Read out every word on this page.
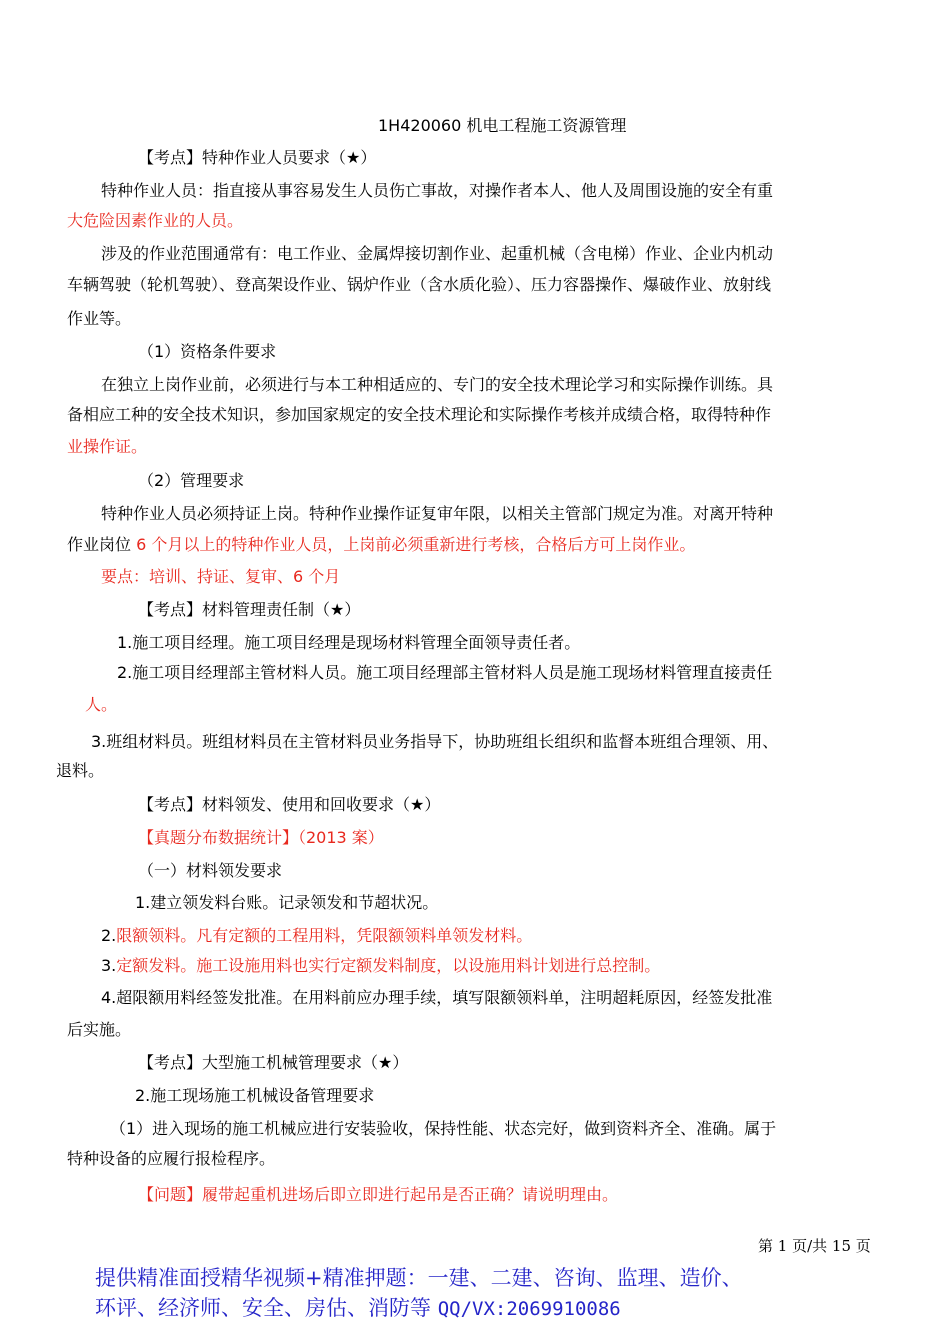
1H420060 机电工程施工资源管理
【考点】特种作业人员要求（★）
特种作业人员：指直接从事容易发生人员伤亡事故，对操作者本人、他人及周围设施的安全有重
大危险因素作业的人员。
涉及的作业范围通常有：电工作业、金属焊接切割作业、起重机械（含电梯）作业、企业内机动
车辆驾驶（轮机驾驶）、登高架设作业、锅炉作业（含水质化验）、压力容器操作、爆破作业、放射线
作业等。
（1）资格条件要求
在独立上岗作业前，必须进行与本工种相适应的、专门的安全技术理论学习和实际操作训练。具
备相应工种的安全技术知识，参加国家规定的安全技术理论和实际操作考核并成绩合格，取得特种作
业操作证。
（2）管理要求
特种作业人员必须持证上岗。特种作业操作证复审年限，以相关主管部门规定为准。对离开特种
作业岗位 6 个月以上的特种作业人员，上岗前必须重新进行考核，合格后方可上岗作业。
要点：培训、持证、复审、6 个月
【考点】材料管理责任制（★）
1.施工项目经理。施工项目经理是现场材料管理全面领导责任者。
2.施工项目经理部主管材料人员。施工项目经理部主管材料人员是施工现场材料管理直接责任
人。
3.班组材料员。班组材料员在主管材料员业务指导下，协助班组长组织和监督本班组合理领、用、
退料。
【考点】材料领发、使用和回收要求（★）
【真题分布数据统计】（2013 案）
（一）材料领发要求
1.建立领发料台账。记录领发和节超状况。
2.限额领料。凡有定额的工程用料，凭限额领料单领发材料。
3.定额发料。施工设施用料也实行定额发料制度，以设施用料计划进行总控制。
4.超限额用料经签发批准。在用料前应办理手续，填写限额领料单，注明超耗原因，经签发批准
后实施。
【考点】大型施工机械管理要求（★）
2.施工现场施工机械设备管理要求
（1）进入现场的施工机械应进行安装验收，保持性能、状态完好，做到资料齐全、准确。属于
特种设备的应履行报检程序。
【问题】履带起重机进场后即立即进行起吊是否正确？请说明理由。
第 1 页/共 15 页
提供精准面授精华视频+精准押题：一建、二建、咨询、监理、造价、
环评、经济师、安全、房估、消防等 QQ/VX:2069910086
